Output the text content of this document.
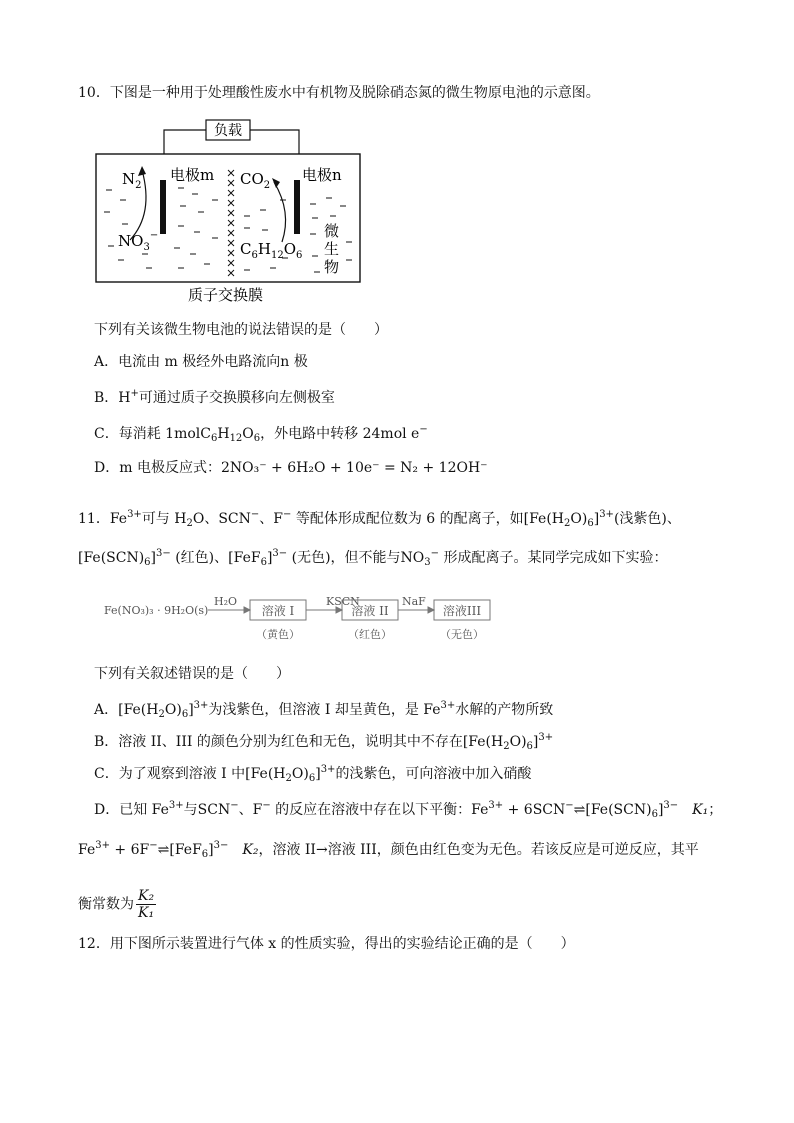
10．下图是一种用于处理酸性废水中有机物及脱除硝态氮的微生物原电池的示意图。
负载
$N_2$
$NO_3^-$
电极m	电极n
$CO_2$
$C_6H_{12}O_6$
微
生
物
质子交换膜
下列有关该微生物电池的说法错误的是（　　）
A．电流由 m 极经外电路流向n 极
B．H+可通过质子交换膜移向左侧极室
C．每消耗 $1molC_6H_{12}O_6$，外电路中转移 24mol e−
D．m 电极反应式：2NO₃⁻ + 6H₂O + 10e⁻ = N₂ + 12OH⁻
11．$Fe^{3+}$可与 $H_2O$、SCN−、F− 等配体形成配位数为 6 的配离子，如$[Fe(H_2O)_6]^{3+}$(浅紫色)、
$[Fe(SCN)_6]^{3-}$ (红色)、$[FeF_6]^{3-}$ (无色)，但不能与$NO_3^-$ 形成配离子。某同学完成如下实验：
Fe(NO₃)₃ · 9H₂O(s)
H₂O	KSCN	NaF
溶液 I	溶液 II	溶液III
（黄色）	（红色）	（无色）
下列有关叙述错误的是（　　）
A．$[Fe(H_2O)_6]^{3+}$为浅紫色，但溶液 I 却呈黄色，是 $Fe^{3+}$水解的产物所致
B．溶液 II、III 的颜色分别为红色和无色，说明其中不存在$[Fe(H_2O)_6]^{3+}$
C．为了观察到溶液 I 中$[Fe(H_2O)_6]^{3+}$的浅紫色，可向溶液中加入硝酸
D．已知 $Fe^{3+}$与SCN−、F− 的反应在溶液中存在以下平衡：$Fe^{3+}$ + $6SCN^-\rightleftharpoons[Fe(SCN)_6]^{3-}$　 K₁；
$Fe^{3+}$ + $6F^-\rightleftharpoons[FeF_6]^{3-}$　 K₂，溶液 II→溶液 III，颜色由红色变为无色。若该反应是可逆反应，其平
衡常数为 $\frac{\text{K₂}}{\text{K₁}}$
12．用下图所示装置进行气体 x 的性质实验，得出的实验结论正确的是（　　）
